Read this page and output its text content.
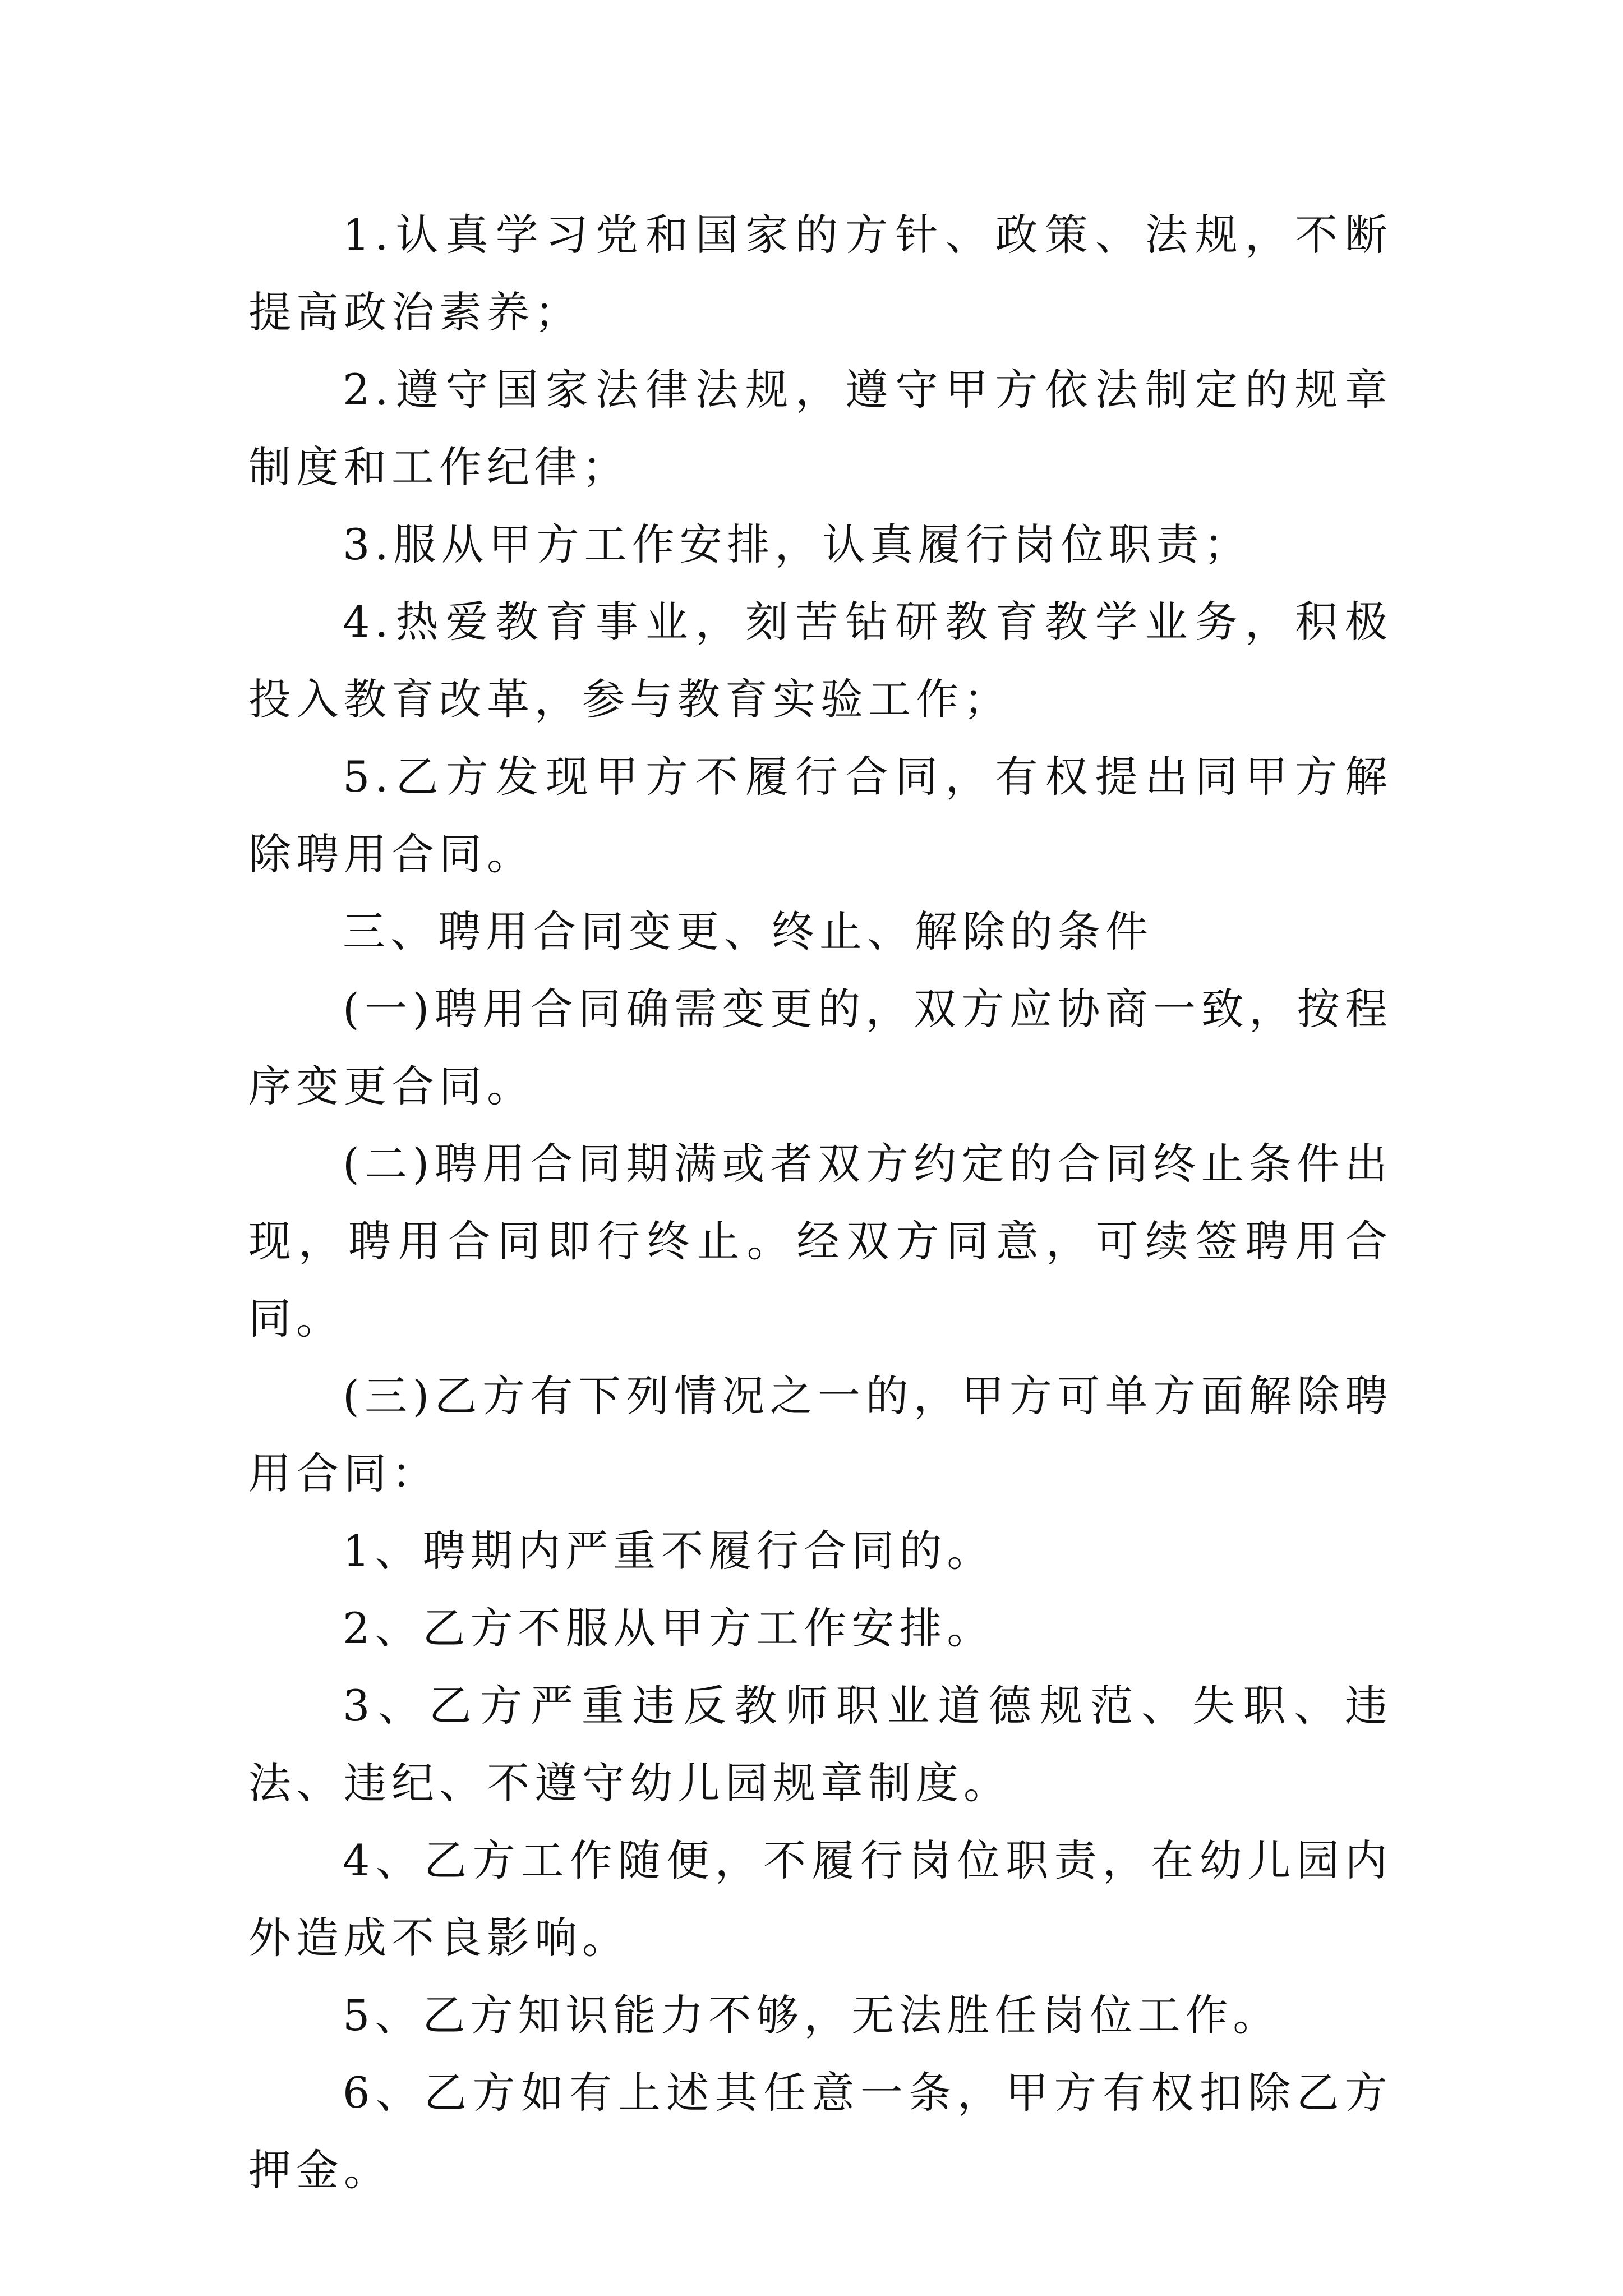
1.认真学习党和国家的方针、政策、法规，不断提高政治素养；

2.遵守国家法律法规，遵守甲方依法制定的规章制度和工作纪律；

3.服从甲方工作安排，认真履行岗位职责；

4.热爱教育事业，刻苦钻研教育教学业务，积极投入教育改革，参与教育实验工作；

5.乙方发现甲方不履行合同，有权提出同甲方解除聘用合同。

三、聘用合同变更、终止、解除的条件

(一)聘用合同确需变更的，双方应协商一致，按程序变更合同。

(二)聘用合同期满或者双方约定的合同终止条件出现，聘用合同即行终止。经双方同意，可续签聘用合同。

(三)乙方有下列情况之一的，甲方可单方面解除聘用合同：

1、聘期内严重不履行合同的。

2、乙方不服从甲方工作安排。

3、乙方严重违反教师职业道德规范、失职、违法、违纪、不遵守幼儿园规章制度。

4、乙方工作随便，不履行岗位职责，在幼儿园内外造成不良影响。

5、乙方知识能力不够，无法胜任岗位工作。

6、乙方如有上述其任意一条，甲方有权扣除乙方押金。
